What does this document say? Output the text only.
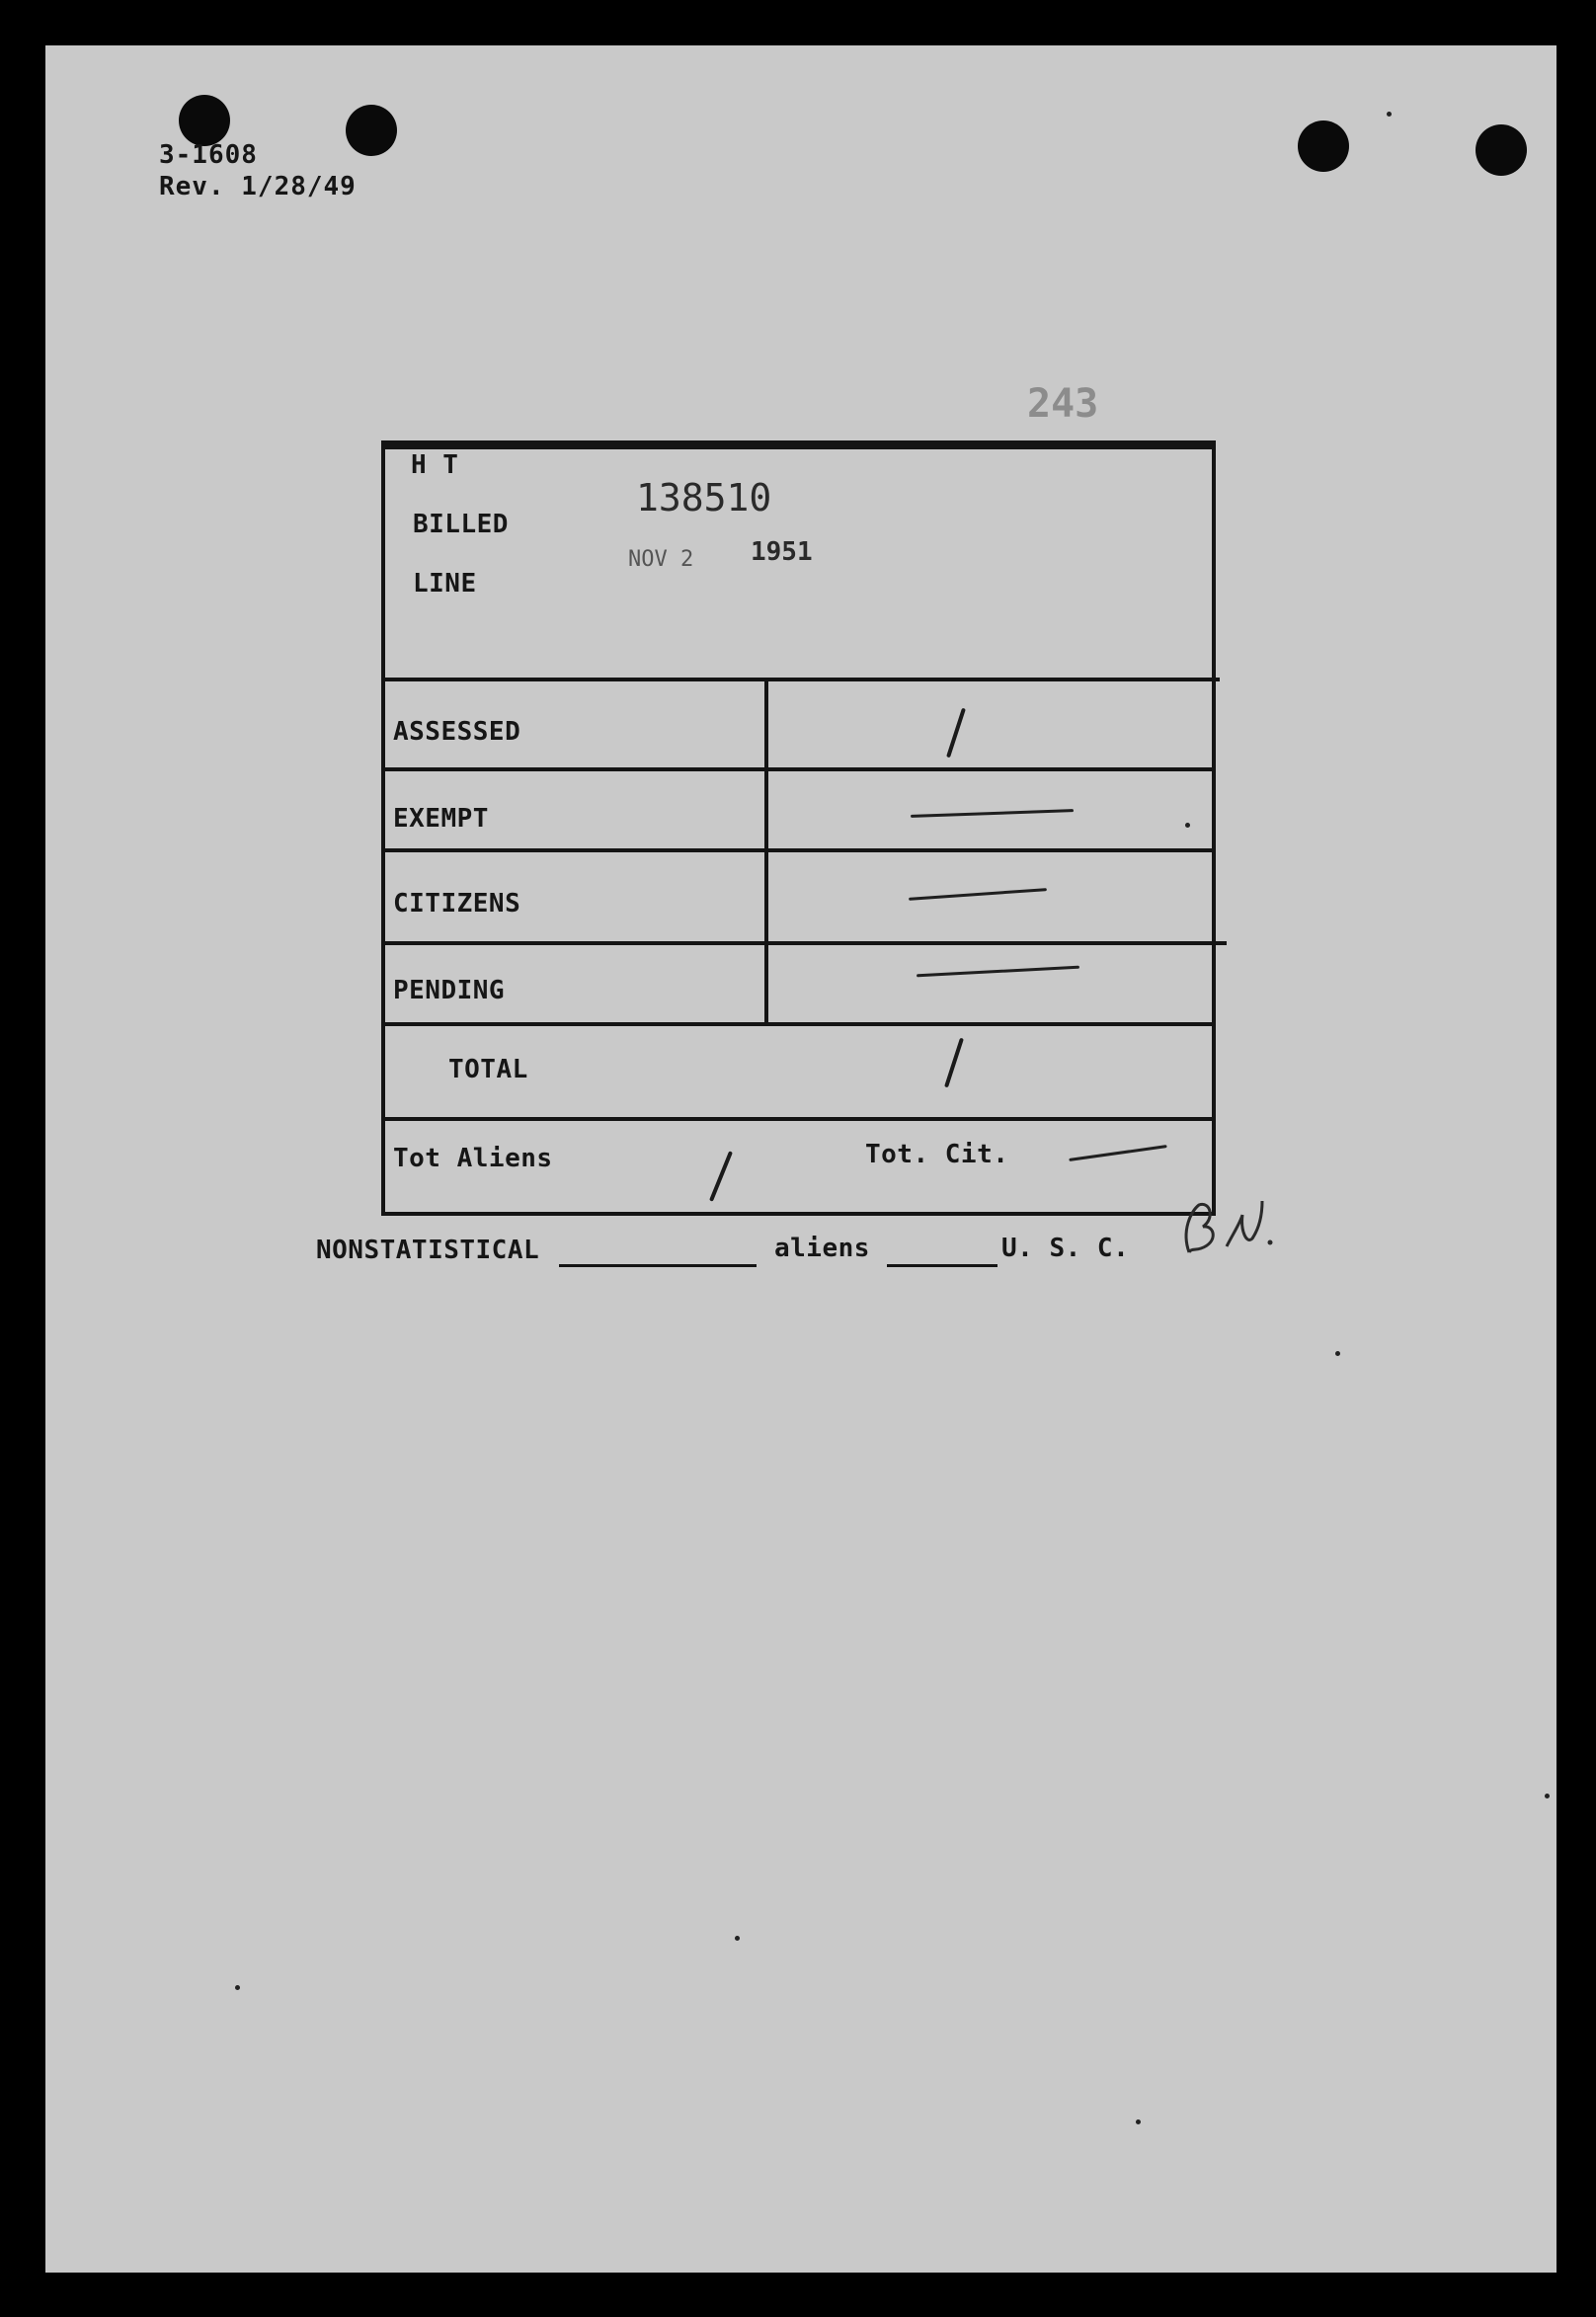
3-1608
Rev. 1/28/49
243
H T
BILLED
LINE
138510
NOV 2 1951
ASSESSED
EXEMPT
CITIZENS
PENDING
TOTAL
Tot Aliens	Tot. Cit.
NONSTATISTICAL	aliens	U. S. C.
